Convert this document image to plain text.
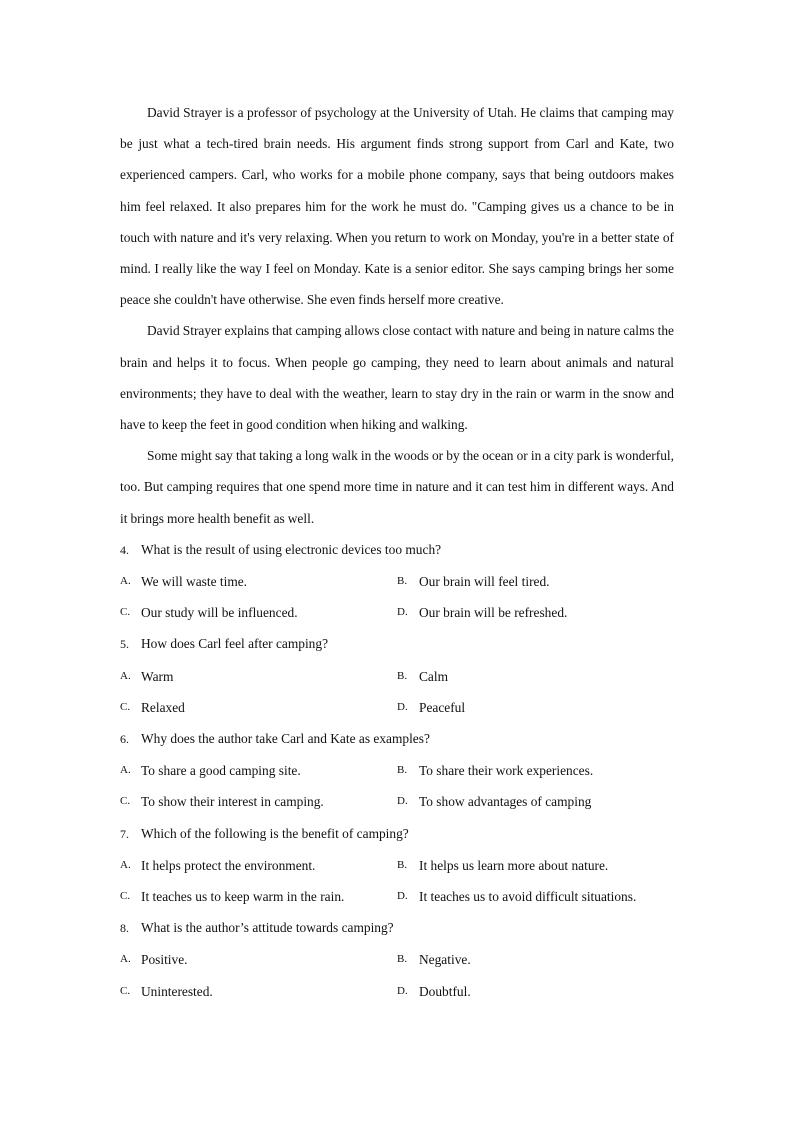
David Strayer is a professor of psychology at the University of Utah. He claims that camping may be just what a tech-tired brain needs. His argument finds strong support from Carl and Kate, two experienced campers. Carl, who works for a mobile phone company, says that being outdoors makes him feel relaxed. It also prepares him for the work he must do. "Camping gives us a chance to be in touch with nature and it's very relaxing. When you return to work on Monday, you're in a better state of mind. I really like the way I feel on Monday. Kate is a senior editor. She says camping brings her some peace she couldn't have otherwise. She even finds herself more creative.

David Strayer explains that camping allows close contact with nature and being in nature calms the brain and helps it to focus. When people go camping, they need to learn about animals and natural environments; they have to deal with the weather, learn to stay dry in the rain or warm in the snow and have to keep the feet in good condition when hiking and walking.

Some might say that taking a long walk in the woods or by the ocean or in a city park is wonderful, too. But camping requires that one spend more time in nature and it can test him in different ways. And it brings more health benefit as well.

4. What is the result of using electronic devices too much?

A. We will waste time.	B. Our brain will feel tired.
C. Our study will be influenced.	D. Our brain will be refreshed.

5. How does Carl feel after camping?

A. Warm	B. Calm
C. Relaxed	D. Peaceful

6. Why does the author take Carl and Kate as examples?

A. To share a good camping site.	B. To share their work experiences.
C. To show their interest in camping.	D. To show advantages of camping

7. Which of the following is the benefit of camping?

A. It helps protect the environment.	B. It helps us learn more about nature.
C. It teaches us to keep warm in the rain.	D. It teaches us to avoid difficult situations.

8. What is the author’s attitude towards camping?

A. Positive.	B. Negative.
C. Uninterested.	D. Doubtful.
